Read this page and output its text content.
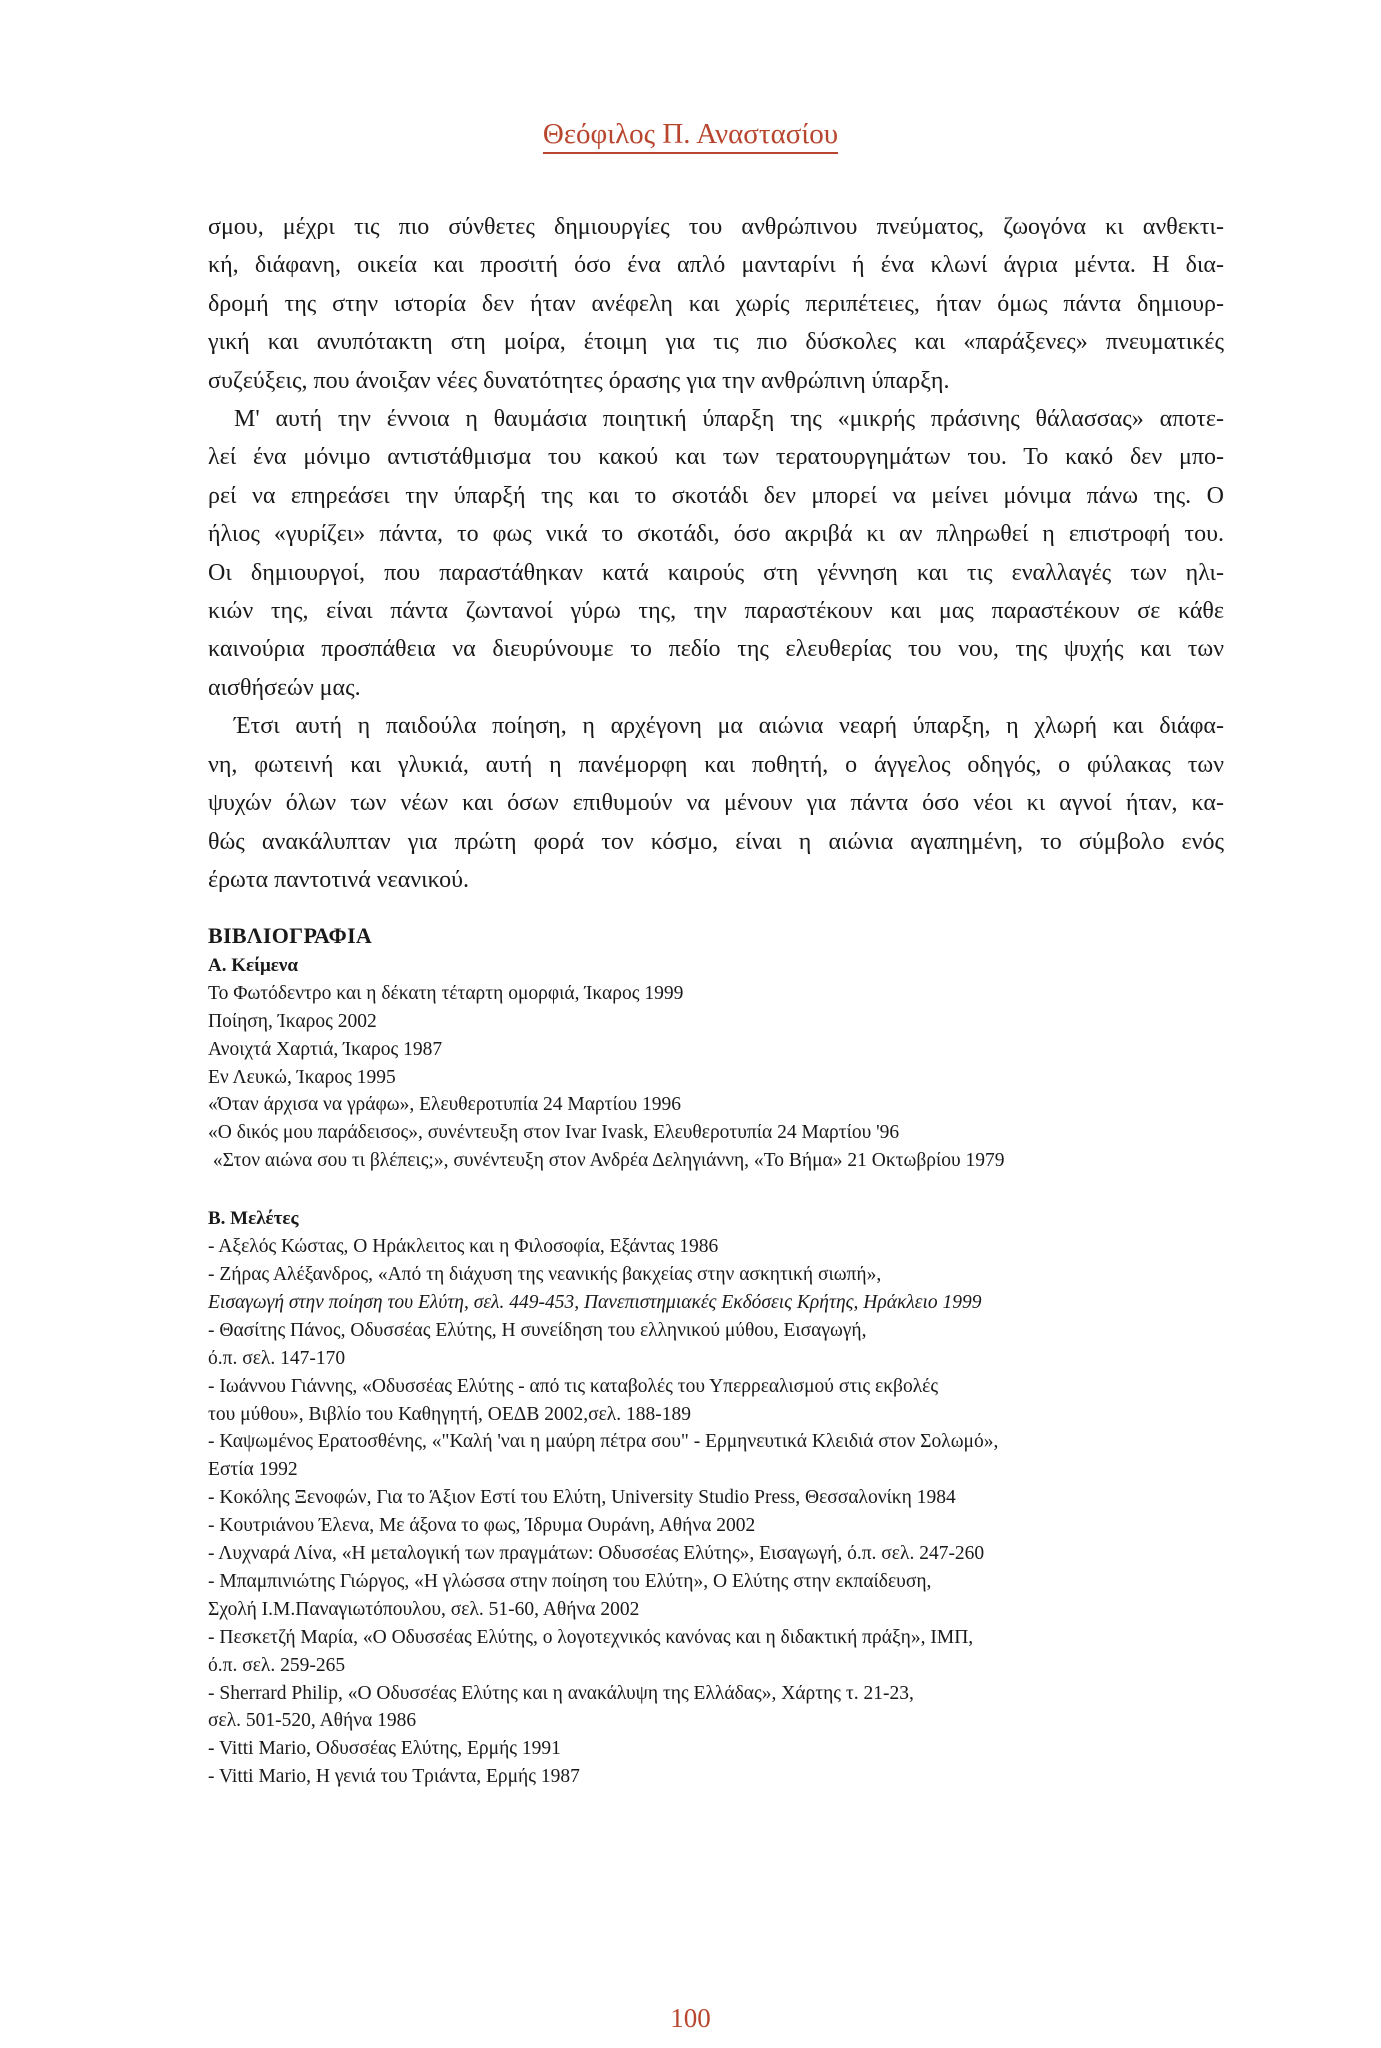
Θεόφιλος Π. Αναστασίου
σμου, μέχρι τις πιο σύνθετες δημιουργίες του ανθρώπινου πνεύματος, ζωογόνα κι ανθεκτι-
κή, διάφανη, οικεία και προσιτή όσο ένα απλό μανταρίνι ή ένα κλωνί άγρια μέντα. Η δια-
δρομή της στην ιστορία δεν ήταν ανέφελη και χωρίς περιπέτειες, ήταν όμως πάντα δημιουρ-
γική και ανυπότακτη στη μοίρα, έτοιμη για τις πιο δύσκολες και «παράξενες» πνευματικές
συζεύξεις, που άνοιξαν νέες δυνατότητες όρασης για την ανθρώπινη ύπαρξη.
Μ' αυτή την έννοια η θαυμάσια ποιητική ύπαρξη της «μικρής πράσινης θάλασσας» αποτε-
λεί ένα μόνιμο αντιστάθμισμα του κακού και των τερατουργημάτων του. Το κακό δεν μπο-
ρεί να επηρεάσει την ύπαρξή της και το σκοτάδι δεν μπορεί να μείνει μόνιμα πάνω της. Ο
ήλιος «γυρίζει» πάντα, το φως νικά το σκοτάδι, όσο ακριβά κι αν πληρωθεί η επιστροφή του.
Οι δημιουργοί, που παραστάθηκαν κατά καιρούς στη γέννηση και τις εναλλαγές των ηλι-
κιών της, είναι πάντα ζωντανοί γύρω της, την παραστέκουν και μας παραστέκουν σε κάθε
καινούρια προσπάθεια να διευρύνουμε το πεδίο της ελευθερίας του νου, της ψυχής και των
αισθήσεών μας.
Έτσι αυτή η παιδούλα ποίηση, η αρχέγονη μα αιώνια νεαρή ύπαρξη, η χλωρή και διάφα-
νη, φωτεινή και γλυκιά, αυτή η πανέμορφη και ποθητή, ο άγγελος οδηγός, ο φύλακας των
ψυχών όλων των νέων και όσων επιθυμούν να μένουν για πάντα όσο νέοι κι αγνοί ήταν, κα-
θώς ανακάλυπταν για πρώτη φορά τον κόσμο, είναι η αιώνια αγαπημένη, το σύμβολο ενός
έρωτα παντοτινά νεανικού.
ΒΙΒΛΙΟΓΡΑΦΙΑ
Α. Κείμενα
Το Φωτόδεντρο και η δέκατη τέταρτη ομορφιά, Ίκαρος 1999
Ποίηση, Ίκαρος 2002
Ανοιχτά Χαρτιά, Ίκαρος 1987
Εν Λευκώ, Ίκαρος 1995
«Όταν άρχισα να γράφω», Ελευθεροτυπία 24 Μαρτίου 1996
«Ο δικός μου παράδεισος», συνέντευξη στον Ivar Ivask, Ελευθεροτυπία 24 Μαρτίου '96
«Στον αιώνα σου τι βλέπεις;», συνέντευξη στον Ανδρέα Δεληγιάννη, «Το Βήμα» 21 Οκτωβρίου 1979
Β. Μελέτες
- Αξελός Κώστας, Ο Ηράκλειτος και η Φιλοσοφία, Εξάντας 1986
- Ζήρας Αλέξανδρος, «Από τη διάχυση της νεανικής βακχείας στην ασκητική σιωπή»,
Εισαγωγή στην ποίηση του Ελύτη, σελ. 449-453, Πανεπιστημιακές Εκδόσεις Κρήτης, Ηράκλειο 1999
- Θασίτης Πάνος, Οδυσσέας Ελύτης, Η συνείδηση του ελληνικού μύθου, Εισαγωγή,
ό.π. σελ. 147-170
- Ιωάννου Γιάννης, «Οδυσσέας Ελύτης - από τις καταβολές του Υπερρεαλισμού στις εκβολές
του μύθου», Βιβλίο του Καθηγητή, ΟΕΔΒ 2002,σελ. 188-189
- Καψωμένος Ερατοσθένης, «"Καλή 'ναι η μαύρη πέτρα σου" - Ερμηνευτικά Κλειδιά στον Σολωμό»,
Εστία 1992
- Κοκόλης Ξενοφών, Για το Άξιον Εστί του Ελύτη, University Studio Press, Θεσσαλονίκη 1984
- Κουτριάνου Έλενα, Με άξονα το φως, Ίδρυμα Ουράνη, Αθήνα 2002
- Λυχναρά Λίνα, «Η μεταλογική των πραγμάτων: Οδυσσέας Ελύτης», Εισαγωγή, ό.π. σελ. 247-260
- Μπαμπινιώτης Γιώργος, «Η γλώσσα στην ποίηση του Ελύτη», Ο Ελύτης στην εκπαίδευση,
Σχολή Ι.Μ.Παναγιωτόπουλου, σελ. 51-60, Αθήνα 2002
- Πεσκετζή Μαρία, «Ο Οδυσσέας Ελύτης, ο λογοτεχνικός κανόνας και η διδακτική πράξη», ΙΜΠ,
ό.π. σελ. 259-265
- Sherrard Philip, «Ο Οδυσσέας Ελύτης και η ανακάλυψη της Ελλάδας», Χάρτης τ. 21-23,
σελ. 501-520, Αθήνα 1986
- Vitti Mario, Οδυσσέας Ελύτης, Ερμής 1991
- Vitti Mario, Η γενιά του Τριάντα, Ερμής 1987
100
